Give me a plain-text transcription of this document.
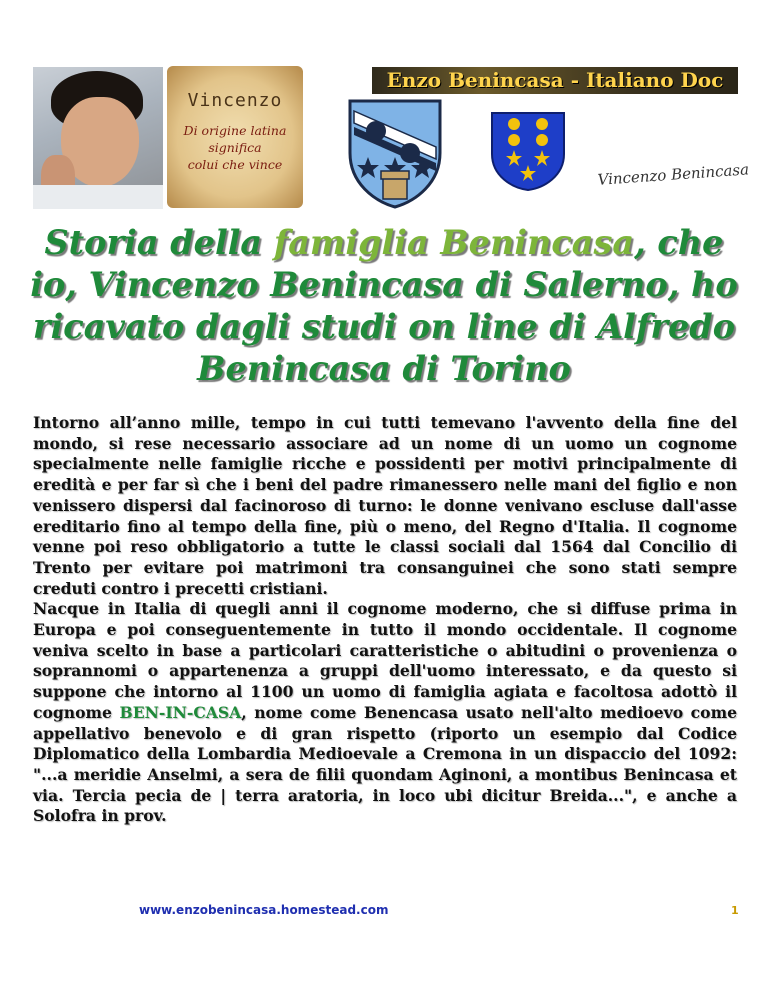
Vincenzo
Di origine latina
significa
colui che vince
Enzo Benincasa - Italiano Doc
Vincenzo Benincasa
Storia della famiglia Benincasa, che io, Vincenzo Benincasa di Salerno, ho ricavato dagli studi on line di Alfredo Benincasa di Torino

Intorno all’anno mille, tempo in cui tutti temevano l'avvento della fine del mondo, si rese necessario associare ad un nome di un uomo un cognome specialmente nelle famiglie ricche e possidenti per motivi principalmente di eredità e per far sì che i beni del padre rimanessero nelle mani del figlio e non venissero dispersi dal facinoroso di turno: le donne venivano escluse dall'asse ereditario fino al tempo della fine, più o meno, del Regno d'Italia. Il cognome venne poi reso obbligatorio a tutte le classi sociali dal 1564 dal Concilio di Trento per evitare poi matrimoni tra consanguinei che sono stati sempre creduti contro i precetti cristiani.

Nacque in Italia di quegli anni il cognome moderno, che si diffuse prima in Europa e poi conseguentemente in tutto il mondo occidentale. Il cognome veniva scelto in base a particolari caratteristiche o abitudini o provenienza o soprannomi o appartenenza a gruppi dell'uomo interessato, e da questo si suppone che intorno al 1100 un uomo di famiglia agiata e facoltosa adottò il cognome BEN-IN-CASA, nome come Benencasa usato nell'alto medioevo come appellativo benevolo e di gran rispetto (riporto un esempio dal Codice Diplomatico della Lombardia Medioevale a Cremona in un dispaccio del 1092: "...a meridie Anselmi, a sera de filii quondam Aginoni, a montibus Benincasa et via. Tercia pecia de | terra aratoria, in loco ubi dicitur Breida...", e anche a Solofra in prov.

www.enzobenincasa.homestead.com	1
